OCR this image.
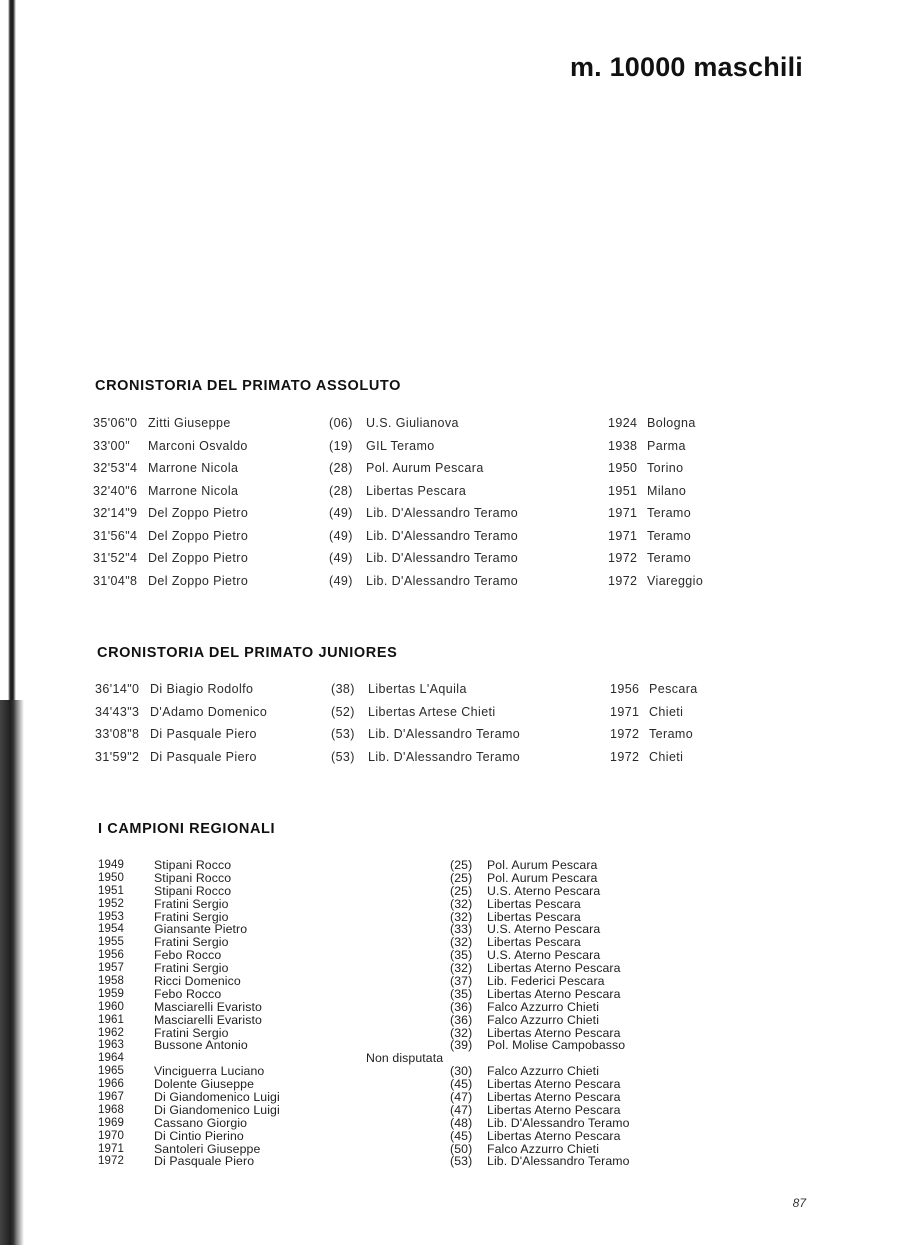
m. 10000 maschili
CRONISTORIA DEL PRIMATO ASSOLUTO
35'06"0 Zitti Giuseppe	(06) U.S. Giulianova	1924 Bologna
33'00" Marconi Osvaldo	(19) GIL Teramo	1938 Parma
32'53"4 Marrone Nicola	(28) Pol. Aurum Pescara	1950 Torino
32'40"6 Marrone Nicola	(28) Libertas Pescara	1951 Milano
32'14"9 Del Zoppo Pietro	(49) Lib. D'Alessandro Teramo	1971 Teramo
31'56"4 Del Zoppo Pietro	(49) Lib. D'Alessandro Teramo	1971 Teramo
31'52"4 Del Zoppo Pietro	(49) Lib. D'Alessandro Teramo	1972 Teramo
31'04"8 Del Zoppo Pietro	(49) Lib. D'Alessandro Teramo	1972 Viareggio
CRONISTORIA DEL PRIMATO JUNIORES
36'14"0 Di Biagio Rodolfo	(38) Libertas L'Aquila	1956 Pescara
34'43"3 D'Adamo Domenico	(52) Libertas Artese Chieti	1971 Chieti
33'08"8 Di Pasquale Piero	(53) Lib. D'Alessandro Teramo	1972 Teramo
31'59"2 Di Pasquale Piero	(53) Lib. D'Alessandro Teramo	1972 Chieti
I CAMPIONI REGIONALI
1949 Stipani Rocco	(25) Pol. Aurum Pescara
1950 Stipani Rocco	(25) Pol. Aurum Pescara
1951 Stipani Rocco	(25) U.S. Aterno Pescara
1952 Fratini Sergio	(32) Libertas Pescara
1953 Fratini Sergio	(32) Libertas Pescara
1954 Giansante Pietro	(33) U.S. Aterno Pescara
1955 Fratini Sergio	(32) Libertas Pescara
1956 Febo Rocco	(35) U.S. Aterno Pescara
1957 Fratini Sergio	(32) Libertas Aterno Pescara
1958 Ricci Domenico	(37) Lib. Federici Pescara
1959 Febo Rocco	(35) Libertas Aterno Pescara
1960 Masciarelli Evaristo	(36) Falco Azzurro Chieti
1961 Masciarelli Evaristo	(36) Falco Azzurro Chieti
1962 Fratini Sergio	(32) Libertas Aterno Pescara
1963 Bussone Antonio	(39) Pol. Molise Campobasso
1964	Non disputata
1965 Vinciguerra Luciano	(30) Falco Azzurro Chieti
1966 Dolente Giuseppe	(45) Libertas Aterno Pescara
1967 Di Giandomenico Luigi	(47) Libertas Aterno Pescara
1968 Di Giandomenico Luigi	(47) Libertas Aterno Pescara
1969 Cassano Giorgio	(48) Lib. D'Alessandro Teramo
1970 Di Cintio Pierino	(45) Libertas Aterno Pescara
1971 Santoleri Giuseppe	(50) Falco Azzurro Chieti
1972 Di Pasquale Piero	(53) Lib. D'Alessandro Teramo
87
